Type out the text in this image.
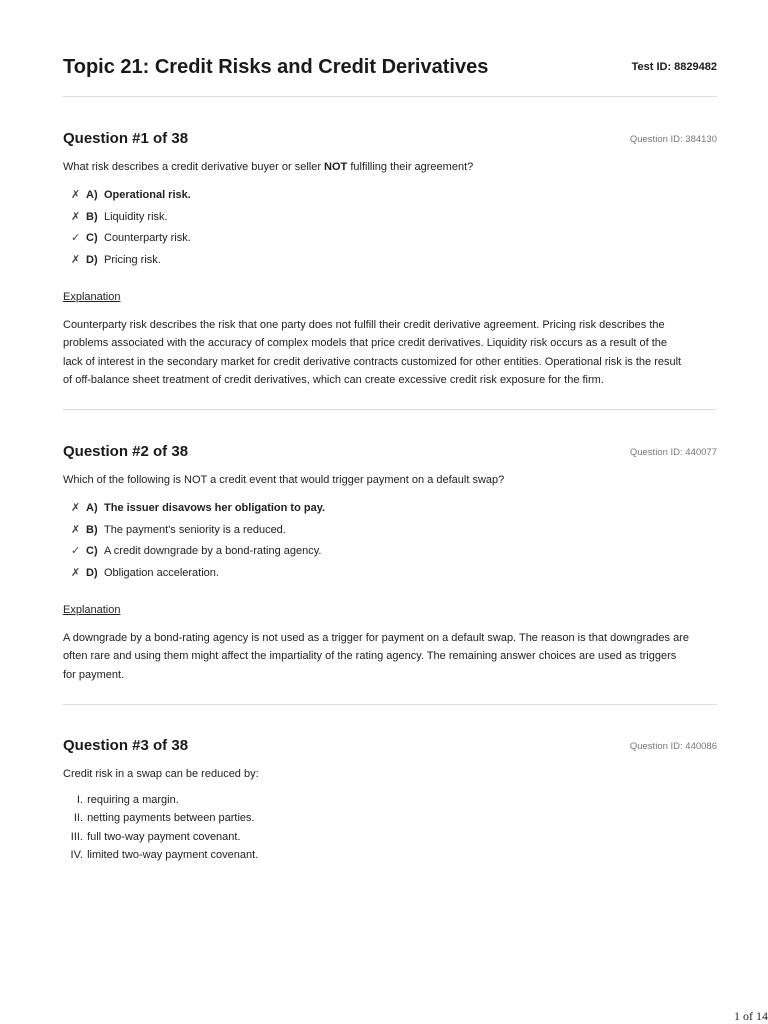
Topic 21: Credit Risks and Credit Derivatives	Test ID: 8829482
Question #1 of 38	Question ID: 384130
What risk describes a credit derivative buyer or seller NOT fulfilling their agreement?
✗ A) Operational risk.
✗ B) Liquidity risk.
✓ C) Counterparty risk.
✗ D) Pricing risk.
Explanation
Counterparty risk describes the risk that one party does not fulfill their credit derivative agreement. Pricing risk describes the
problems associated with the accuracy of complex models that price credit derivatives. Liquidity risk occurs as a result of the
lack of interest in the secondary market for credit derivative contracts customized for other entities. Operational risk is the result
of off-balance sheet treatment of credit derivatives, which can create excessive credit risk exposure for the firm.
Question #2 of 38	Question ID: 440077
Which of the following is NOT a credit event that would trigger payment on a default swap?
✗ A) The issuer disavows her obligation to pay.
✗ B) The payment's seniority is a reduced.
✓ C) A credit downgrade by a bond-rating agency.
✗ D) Obligation acceleration.
Explanation
A downgrade by a bond-rating agency is not used as a trigger for payment on a default swap. The reason is that downgrades are
often rare and using them might affect the impartiality of the rating agency. The remaining answer choices are used as triggers
for payment.
Question #3 of 38	Question ID: 440086
Credit risk in a swap can be reduced by:
I. requiring a margin.
II. netting payments between parties.
III. full two-way payment covenant.
IV. limited two-way payment covenant.
1 of 14
